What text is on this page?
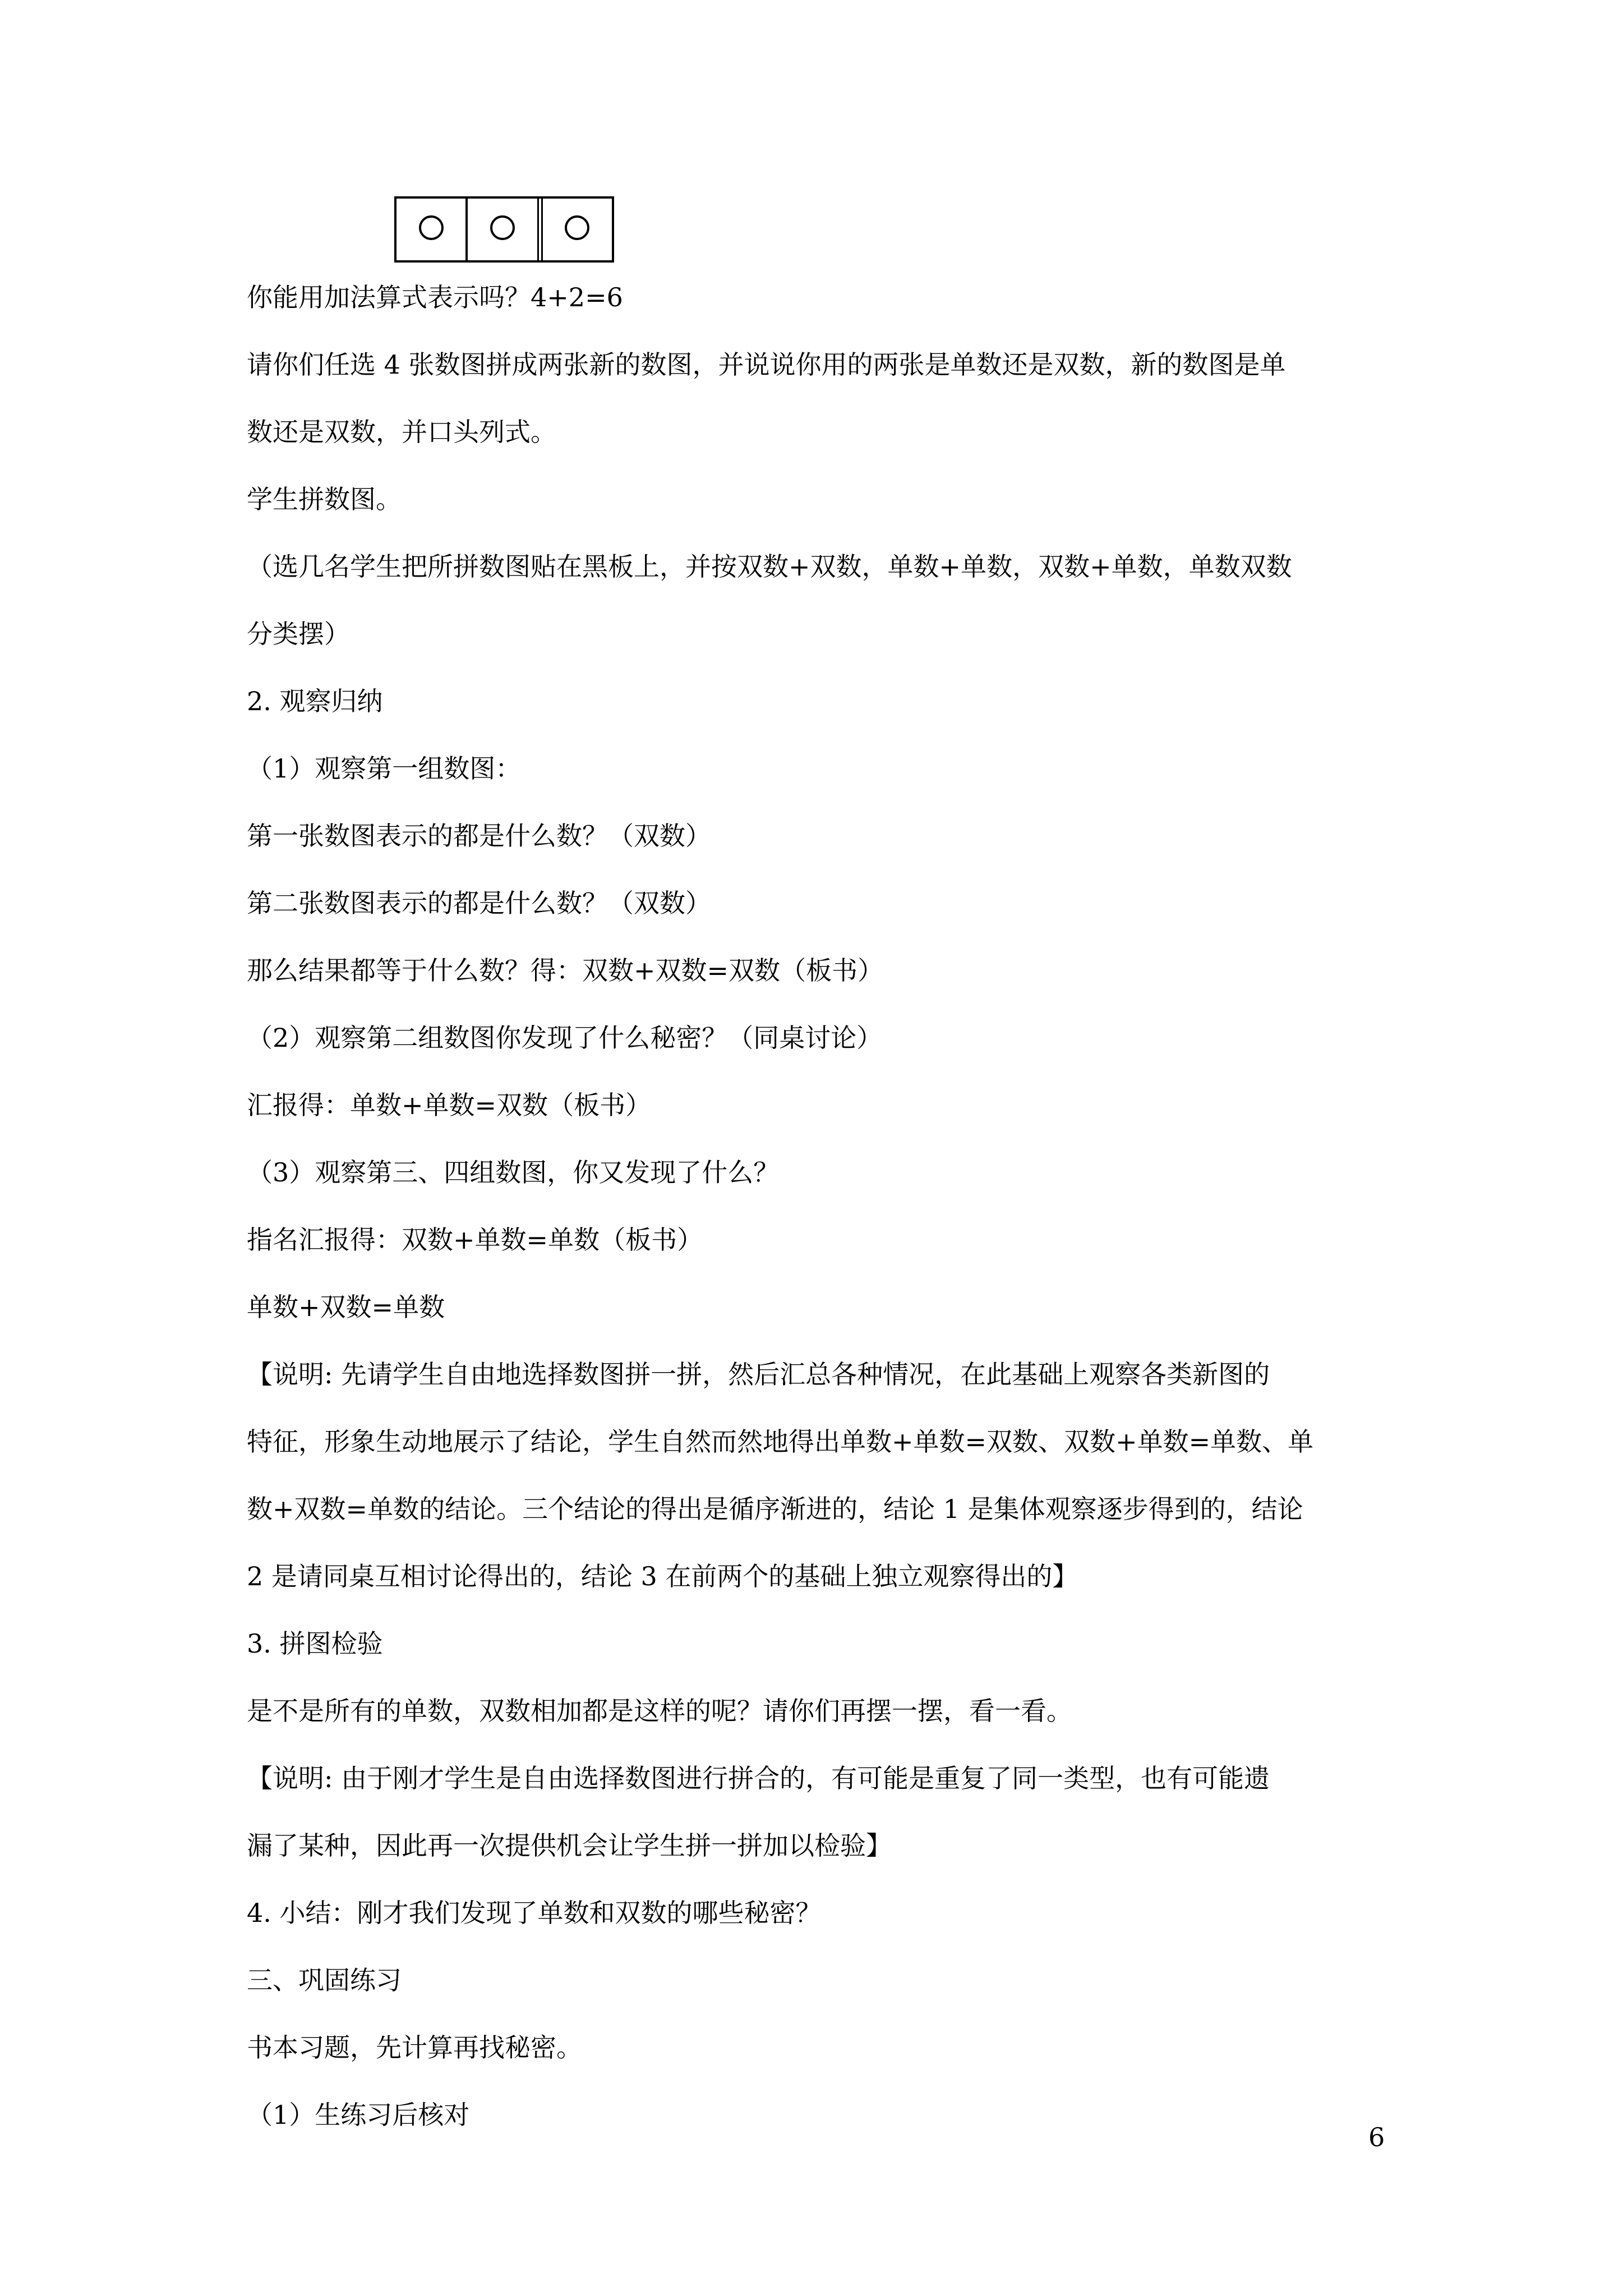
你能用加法算式表示吗？4+2=6
请你们任选 4 张数图拼成两张新的数图，并说说你用的两张是单数还是双数，新的数图是单
数还是双数，并口头列式。
学生拼数图。
（选几名学生把所拼数图贴在黑板上，并按双数+双数，单数+单数，双数+单数，单数双数
分类摆）
2. 观察归纳
（1）观察第一组数图：
第一张数图表示的都是什么数？（双数）
第二张数图表示的都是什么数？（双数）
那么结果都等于什么数？得：双数+双数=双数（板书）
（2）观察第二组数图你发现了什么秘密？（同桌讨论）
汇报得：单数+单数=双数（板书）
（3）观察第三、四组数图，你又发现了什么？
指名汇报得：双数+单数=单数（板书）
单数+双数=单数
【说明: 先请学生自由地选择数图拼一拼，然后汇总各种情况，在此基础上观察各类新图的
特征，形象生动地展示了结论，学生自然而然地得出单数+单数=双数、双数+单数=单数、单
数+双数=单数的结论。三个结论的得出是循序渐进的，结论 1 是集体观察逐步得到的，结论
2 是请同桌互相讨论得出的，结论 3 在前两个的基础上独立观察得出的】
3. 拼图检验
是不是所有的单数，双数相加都是这样的呢？请你们再摆一摆，看一看。
【说明: 由于刚才学生是自由选择数图进行拼合的，有可能是重复了同一类型，也有可能遗
漏了某种，因此再一次提供机会让学生拼一拼加以检验】
4. 小结：刚才我们发现了单数和双数的哪些秘密？
三、巩固练习
书本习题，先计算再找秘密。
（1）生练习后核对
6
